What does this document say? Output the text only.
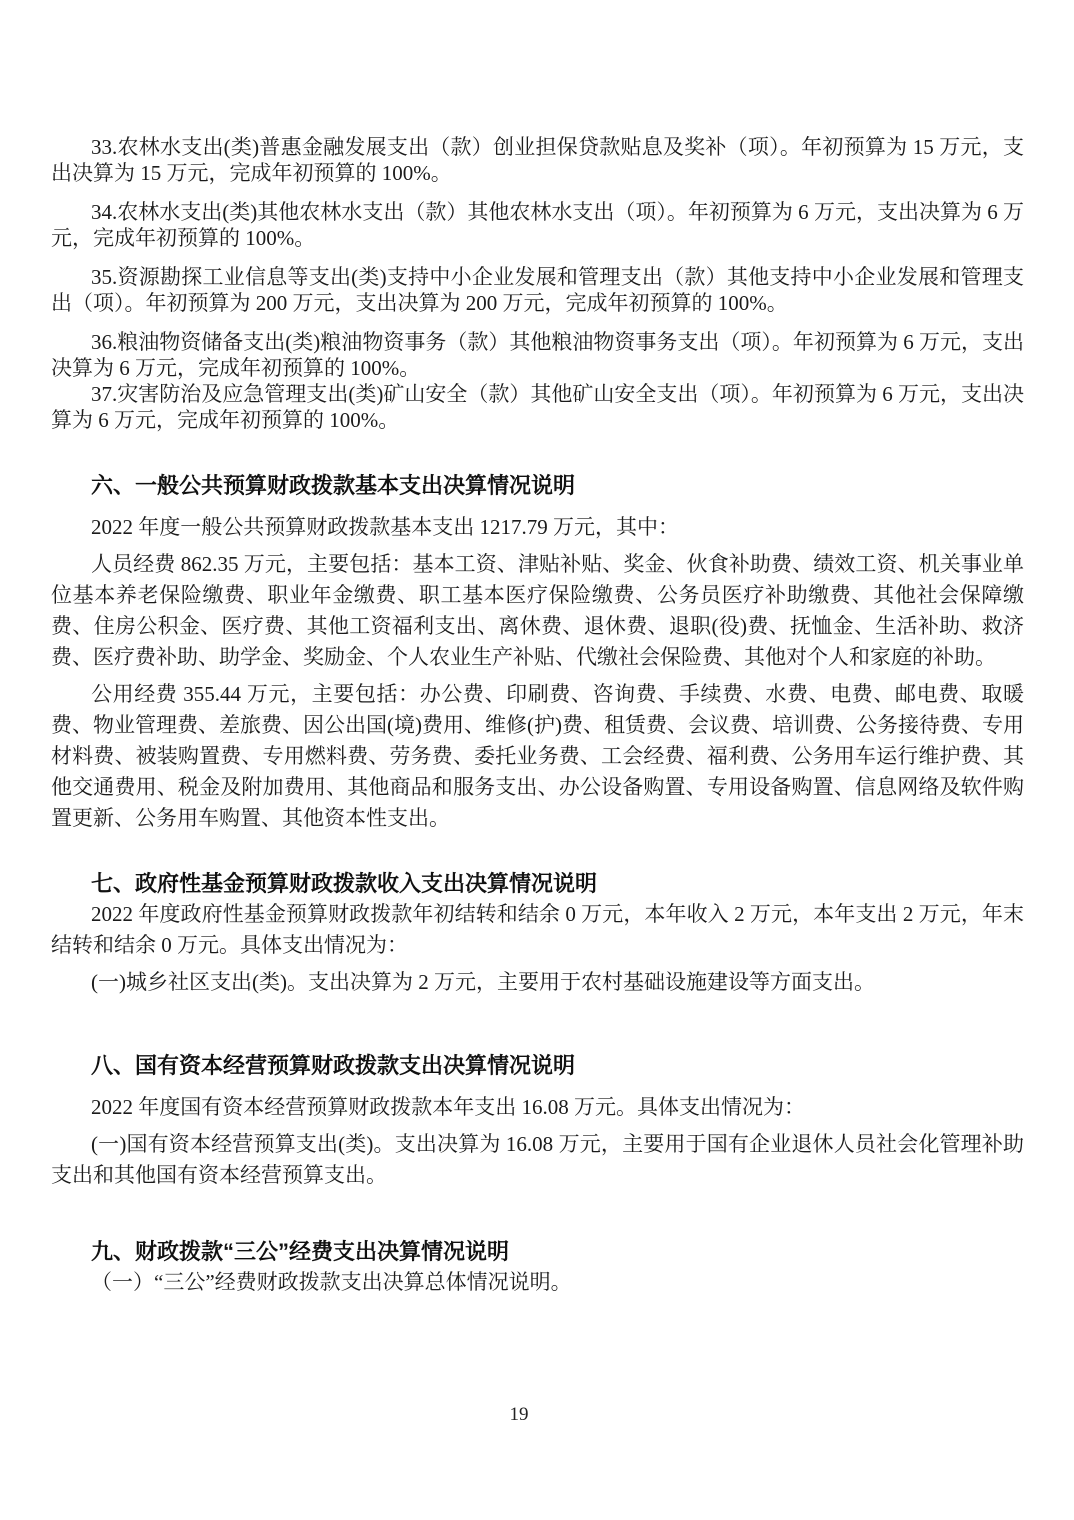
33.农林水支出(类)普惠金融发展支出（款）创业担保贷款贴息及奖补（项）。年初预算为 15 万元，支出决算为 15 万元，完成年初预算的 100%。

34.农林水支出(类)其他农林水支出（款）其他农林水支出（项）。年初预算为 6 万元，支出决算为 6 万元，完成年初预算的 100%。

35.资源勘探工业信息等支出(类)支持中小企业发展和管理支出（款）其他支持中小企业发展和管理支出（项）。年初预算为 200 万元，支出决算为 200 万元，完成年初预算的 100%。

36.粮油物资储备支出(类)粮油物资事务（款）其他粮油物资事务支出（项）。年初预算为 6 万元，支出决算为 6 万元，完成年初预算的 100%。

37.灾害防治及应急管理支出(类)矿山安全（款）其他矿山安全支出（项）。年初预算为 6 万元，支出决算为 6 万元，完成年初预算的 100%。

六、一般公共预算财政拨款基本支出决算情况说明

2022 年度一般公共预算财政拨款基本支出 1217.79 万元，其中：

人员经费 862.35 万元，主要包括：基本工资、津贴补贴、奖金、伙食补助费、绩效工资、机关事业单位基本养老保险缴费、职业年金缴费、职工基本医疗保险缴费、公务员医疗补助缴费、其他社会保障缴费、住房公积金、医疗费、其他工资福利支出、离休费、退休费、退职(役)费、抚恤金、生活补助、救济费、医疗费补助、助学金、奖励金、个人农业生产补贴、代缴社会保险费、其他对个人和家庭的补助。

公用经费 355.44 万元，主要包括：办公费、印刷费、咨询费、手续费、水费、电费、邮电费、取暖费、物业管理费、差旅费、因公出国(境)费用、维修(护)费、租赁费、会议费、培训费、公务接待费、专用材料费、被装购置费、专用燃料费、劳务费、委托业务费、工会经费、福利费、公务用车运行维护费、其他交通费用、税金及附加费用、其他商品和服务支出、办公设备购置、专用设备购置、信息网络及软件购置更新、公务用车购置、其他资本性支出。

七、政府性基金预算财政拨款收入支出决算情况说明

2022 年度政府性基金预算财政拨款年初结转和结余 0 万元，本年收入 2 万元，本年支出 2 万元，年末结转和结余 0 万元。具体支出情况为：

(一)城乡社区支出(类)。支出决算为 2 万元，主要用于农村基础设施建设等方面支出。

八、国有资本经营预算财政拨款支出决算情况说明

2022 年度国有资本经营预算财政拨款本年支出 16.08 万元。具体支出情况为：

(一)国有资本经营预算支出(类)。支出决算为 16.08 万元，主要用于国有企业退休人员社会化管理补助支出和其他国有资本经营预算支出。

九、财政拨款“三公”经费支出决算情况说明

（一）“三公”经费财政拨款支出决算总体情况说明。

19
